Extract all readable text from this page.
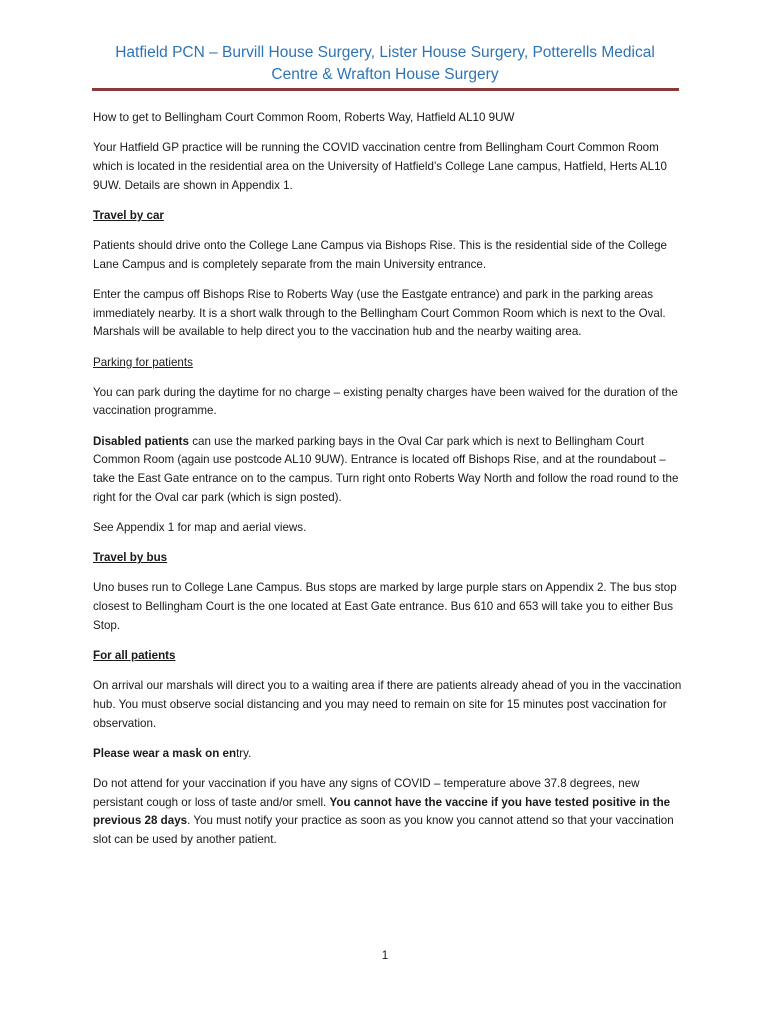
Hatfield PCN – Burvill House Surgery, Lister House Surgery, Potterells Medical
Centre & Wrafton House Surgery

How to get to Bellingham Court Common Room, Roberts Way, Hatfield AL10 9UW

Your Hatfield GP practice will be running the COVID vaccination centre from Bellingham Court Common Room which is located in the residential area on the University of Hatfield’s College Lane campus, Hatfield, Herts AL10 9UW. Details are shown in Appendix 1.

Travel by car

Patients should drive onto the College Lane Campus via Bishops Rise. This is the residential side of the College Lane Campus and is completely separate from the main University entrance.

Enter the campus off Bishops Rise to Roberts Way (use the Eastgate entrance) and park in the parking areas immediately nearby. It is a short walk through to the Bellingham Court Common Room which is next to the Oval. Marshals will be available to help direct you to the vaccination hub and the nearby waiting area.

Parking for patients

You can park during the daytime for no charge – existing penalty charges have been waived for the duration of the vaccination programme.

Disabled patients can use the marked parking bays in the Oval Car park which is next to Bellingham Court Common Room (again use postcode AL10 9UW). Entrance is located off Bishops Rise, and at the roundabout – take the East Gate entrance on to the campus. Turn right onto Roberts Way North and follow the road round to the right for the Oval car park (which is sign posted).

See Appendix 1 for map and aerial views.

Travel by bus

Uno buses run to College Lane Campus. Bus stops are marked by large purple stars on Appendix 2. The bus stop closest to Bellingham Court is the one located at East Gate entrance. Bus 610 and 653 will take you to either Bus Stop.

For all patients

On arrival our marshals will direct you to a waiting area if there are patients already ahead of you in the vaccination hub. You must observe social distancing and you may need to remain on site for 15 minutes post vaccination for observation.

Please wear a mask on entry.

Do not attend for your vaccination if you have any signs of COVID – temperature above 37.8 degrees, new persistant cough or loss of taste and/or smell. You cannot have the vaccine if you have tested positive in the previous 28 days. You must notify your practice as soon as you know you cannot attend so that your vaccination slot can be used by another patient.

1
